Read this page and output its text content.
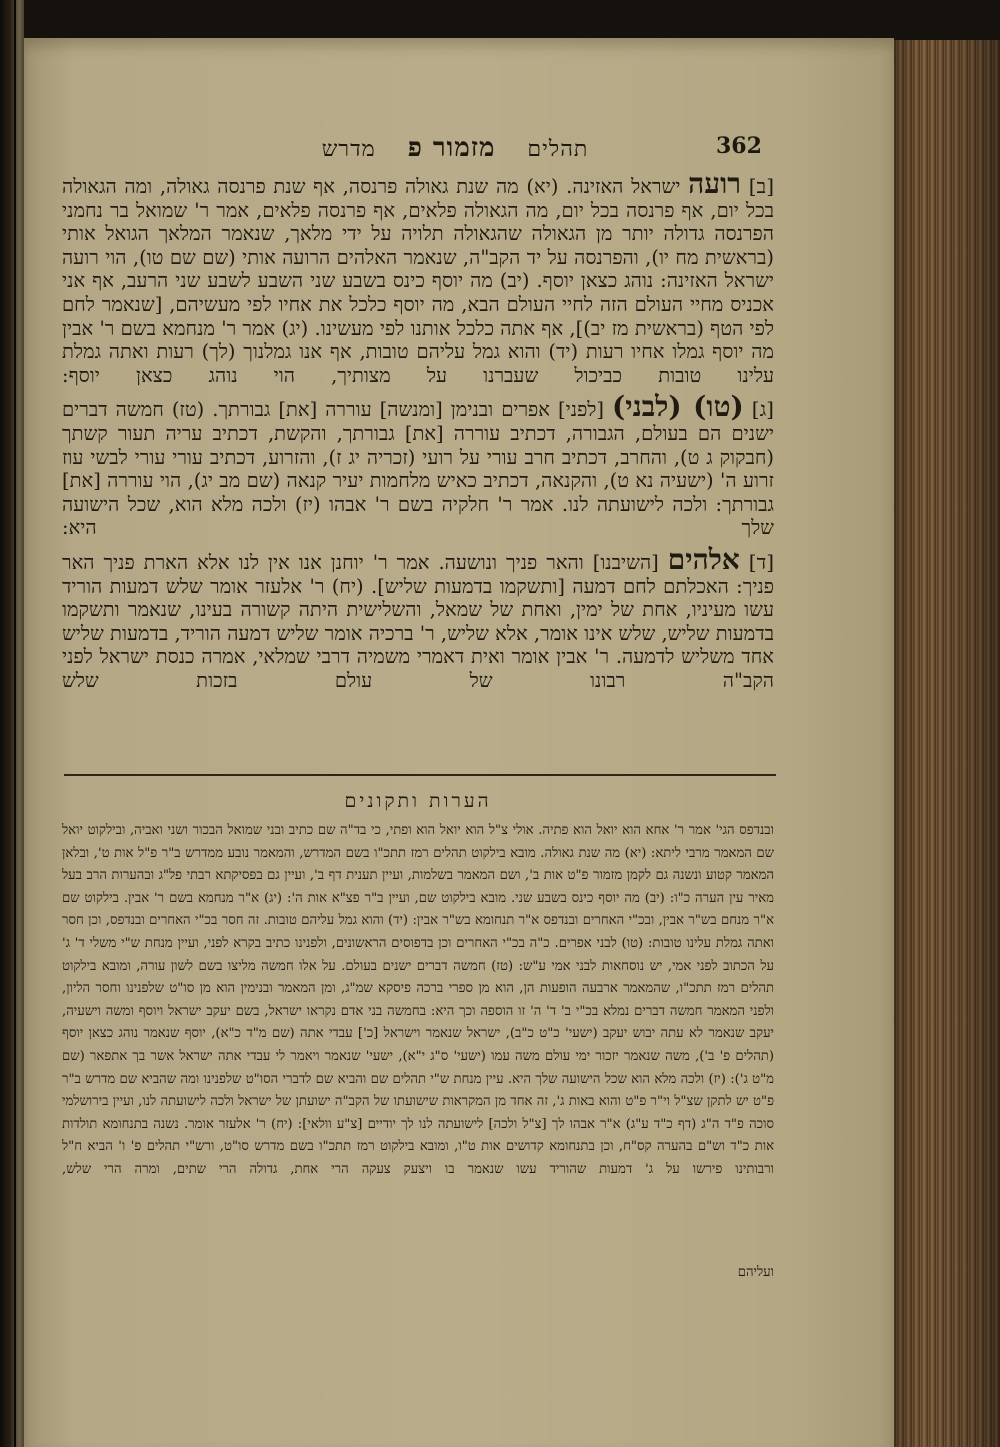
תהלים    מזמור פ    מדרש	362

[ב] רועה ישראל האזינה. (יא) מה שנת גאולה פרנסה, אף שנת פרנסה גאולה, ומה הגאולה בכל יום, אף פרנסה בכל יום, מה הגאולה פלאים, אף פרנסה פלאים, אמר ר' שמואל בר נחמני הפרנסה גדולה יותר מן הגאולה שהגאולה תלויה על ידי מלאך, שנאמר המלאך הגואל אותי (בראשית מח יו), והפרנסה על יד הקב"ה, שנאמר האלהים הרועה אותי (שם שם טו), הוי רועה ישראל האזינה: נוהג כצאן יוסף. (יב) מה יוסף כינס בשבע שני השבע לשבע שני הרעב, אף אני אכניס מחיי העולם הזה לחיי העולם הבא, מה יוסף כלכל את אחיו לפי מעשיהם, [שנאמר לחם לפי הטף (בראשית מז יב)], אף אתה כלכל אותנו לפי מעשינו. (יג) אמר ר' מנחמא בשם ר' אבין מה יוסף גמלו אחיו רעות (יד) והוא גמל עליהם טובות, אף אנו גמלנוך (לך) רעות ואתה גמלת עלינו טובות כביכול שעברנו על מצותיך, הוי נוהג כצאן יוסף:

[ג] (טו) (לבני) [לפני] אפרים ובנימן [ומנשה] עוררה [את] גבורתך. (טז) חמשה דברים ישנים הם בעולם, הגבורה, דכתיב עוררה [את] גבורתך, והקשת, דכתיב עריה תעור קשתך (חבקוק ג ט), והחרב, דכתיב חרב עורי על רועי (זכריה יג ז), והזרוע, דכתיב עורי עורי לבשי עוז זרוע ה' (ישעיה נא ט), והקנאה, דכתיב כאיש מלחמות יעיר קנאה (שם מב יג), הוי עוררה [את] גבורתך: ולכה לישועתה לנו. אמר ר' חלקיה בשם ר' אבהו (יז) ולכה מלא הוא, שכל הישועה שלך היא:

[ד] אלהים [השיבנו] והאר פניך ונושעה. אמר ר' יוחנן אנו אין לנו אלא הארת פניך האר פניך: האכלתם לחם דמעה [ותשקמו בדמעות שליש]. (יח) ר' אלעזר אומר שלש דמעות הוריד עשו מעיניו, אחת של ימין, ואחת של שמאל, והשלישית היתה קשורה בעינו, שנאמר ותשקמו בדמעות שליש, שלש אינו אומר, אלא שליש, ר' ברכיה אומר שליש דמעה הוריד, בדמעות שליש אחד משליש לדמעה. ר' אבין אומר ואית דאמרי משמיה דרבי שמלאי, אמרה כנסת ישראל לפני הקב"ה רבונו של עולם בזכות שלש

הערות ותקונים
ובנדפס הגי' אמר ר' אחא הוא יואל הוא פתיה. אולי צ"ל הוא יואל הוא ופתי, כי בד"ה שם כתיב ובני שמואל הבכור ושני ואביה, ובילקוט יואל שם המאמר מרבי ליתא: (יא) מה שנת גאולה. מובא בילקוט תהלים רמז תתכ"ו בשם המדרש, והמאמר נובע ממדרש ב"ר פ"ל אות ט', ובלאן המאמר קטוע ונשנה גם לקמן מזמור פ"ט אות ב', ושם המאמר בשלמות, ועיין תענית דף ב', ועיין גם בפסיקתא רבתי פל"ג ובהערות הרב בעל מאיר עין הערה כ"ו: (יב) מה יוסף כינס בשבע שני. מובא בילקוט שם, ועיין ב"ר פצ"א אות ה': (יג) א"ר מנחמא בשם ר' אבין. בילקוט שם א"ר מנחם בש"ר אבין, ובכ"י האחרים ובנדפס א"ר תנחומא בש"ר אבין: (יד) והוא גמל עליהם טובות. זה חסר בכ"י האחרים ובנדפס, וכן חסר ואתה גמלת עלינו טובות: (טו) לבני אפרים. כ"ה בכ"י האחרים וכן בדפוסים הראשונים, ולפנינו כתיב בקרא לפני, ועיין מנחת ש"י משלי ד' ג' על הכתוב לפני אמי, יש נוסחאות לבני אמי ע"ש: (טז) חמשה דברים ישנים בעולם. על אלו חמשה מליצו בשם לשון עורה, ומובא בילקוט תהלים רמז תתכ"ו, שהמאמר ארבעה הופעות הן, הוא מן ספרי ברכה פיסקא שמ"ג, ומן המאמר ובנימין הוא מן סו"ט שלפנינו וחסר הליון, ולפני המאמר חמשה דברים נמלא בכ"י ב' ד' ה' זו הוספה וכך היא: בחמשה בני אדם נקראו ישראל, בשם יעקב ישראל ויוסף ומשה וישעיה, יעקב שנאמר לא עתה יבוש יעקב (ישעי' כ"ט כ"ב), ישראל שנאמר וישראל [כ'] עבדי אתה (שם מ"ד כ"א), יוסף שנאמר נוהג כצאן יוסף (תהלים פ' ב'), משה שנאמר יזכור ימי עולם משה עמו (ישעי' ס"ג י"א), ישעי' שנאמר ויאמר לי עבדי אתה ישראל אשר בך אתפאר (שם מ"ט ג'): (יז) ולכה מלא הוא שכל הישועה שלך היא. עיין מנחת ש"י תהלים שם והביא שם לדברי הסו"ט שלפנינו ומה שהביא שם מדרש ב"ר פ"ט יש לתקן שצ"ל וי"ר פ"ט והוא באות ג', זה אחד מן המקראות שישועתו של הקב"ה ישועתן של ישראל ולכה לישועתה לנו, ועיין בירושלמי סוכה פ"ד ה"ג (דף כ"ד ע"ג) א"ר אבהו לך [צ"ל ולכה] לישועתה לנו לך יודיים [צ"ע וולאי]: (יח) ר' אלעזר אומר. נשנה בתנחומא תולדות אות כ"ד וש"ם בהערה קס"ח, וכן בתנחומא קדושים אות ט"ו, ומובא בילקוט רמז תתכ"ו בשם מדרש סו"ט, ורש"י תהלים פ' ו' הביא ח"ל ורבותינו פירשו על ג' דמעות שהוריד עשו שנאמר בו ויצעק צעקה הרי אחת, גדולה הרי שתים, ומרה הרי שלש,
ועליהם
